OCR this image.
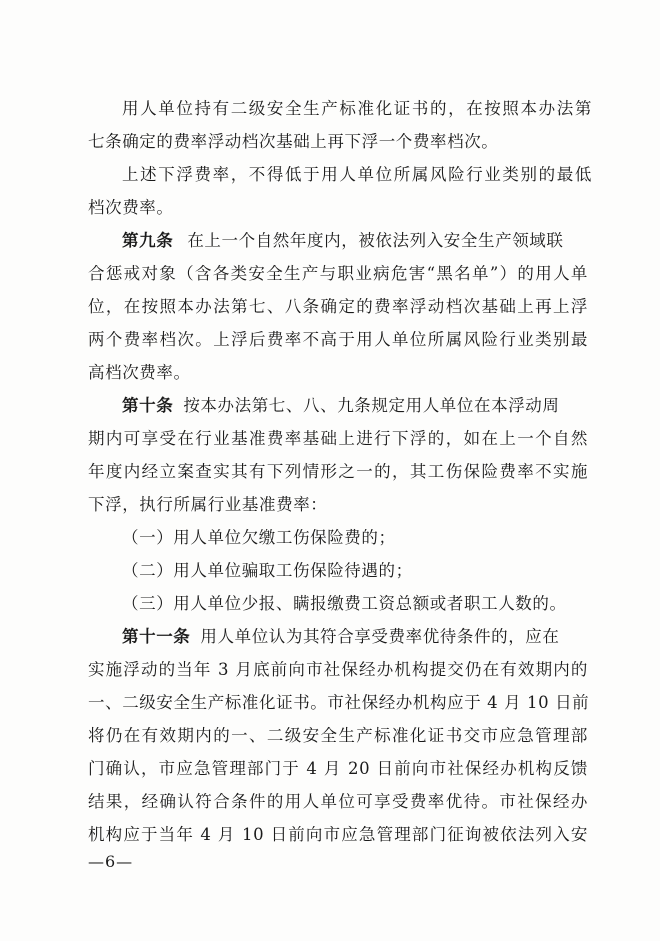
用人单位持有二级安全生产标准化证书的，在按照本办法第
七条确定的费率浮动档次基础上再下浮一个费率档次。
上述下浮费率，不得低于用人单位所属风险行业类别的最低
档次费率。
第九条 在上一个自然年度内，被依法列入安全生产领域联
合惩戒对象（含各类安全生产与职业病危害“黑名单”）的用人单
位，在按照本办法第七、八条确定的费率浮动档次基础上再上浮
两个费率档次。上浮后费率不高于用人单位所属风险行业类别最
高档次费率。
第十条 按本办法第七、八、九条规定用人单位在本浮动周
期内可享受在行业基准费率基础上进行下浮的，如在上一个自然
年度内经立案查实其有下列情形之一的，其工伤保险费率不实施
下浮，执行所属行业基准费率：
（一）用人单位欠缴工伤保险费的；
（二）用人单位骗取工伤保险待遇的；
（三）用人单位少报、瞒报缴费工资总额或者职工人数的。
第十一条 用人单位认为其符合享受费率优待条件的，应在
实施浮动的当年 3 月底前向市社保经办机构提交仍在有效期内的
一、二级安全生产标准化证书。市社保经办机构应于 4 月 10 日前
将仍在有效期内的一、二级安全生产标准化证书交市应急管理部
门确认，市应急管理部门于 4 月 20 日前向市社保经办机构反馈
结果，经确认符合条件的用人单位可享受费率优待。市社保经办
机构应于当年 4 月 10 日前向市应急管理部门征询被依法列入安
—6—
